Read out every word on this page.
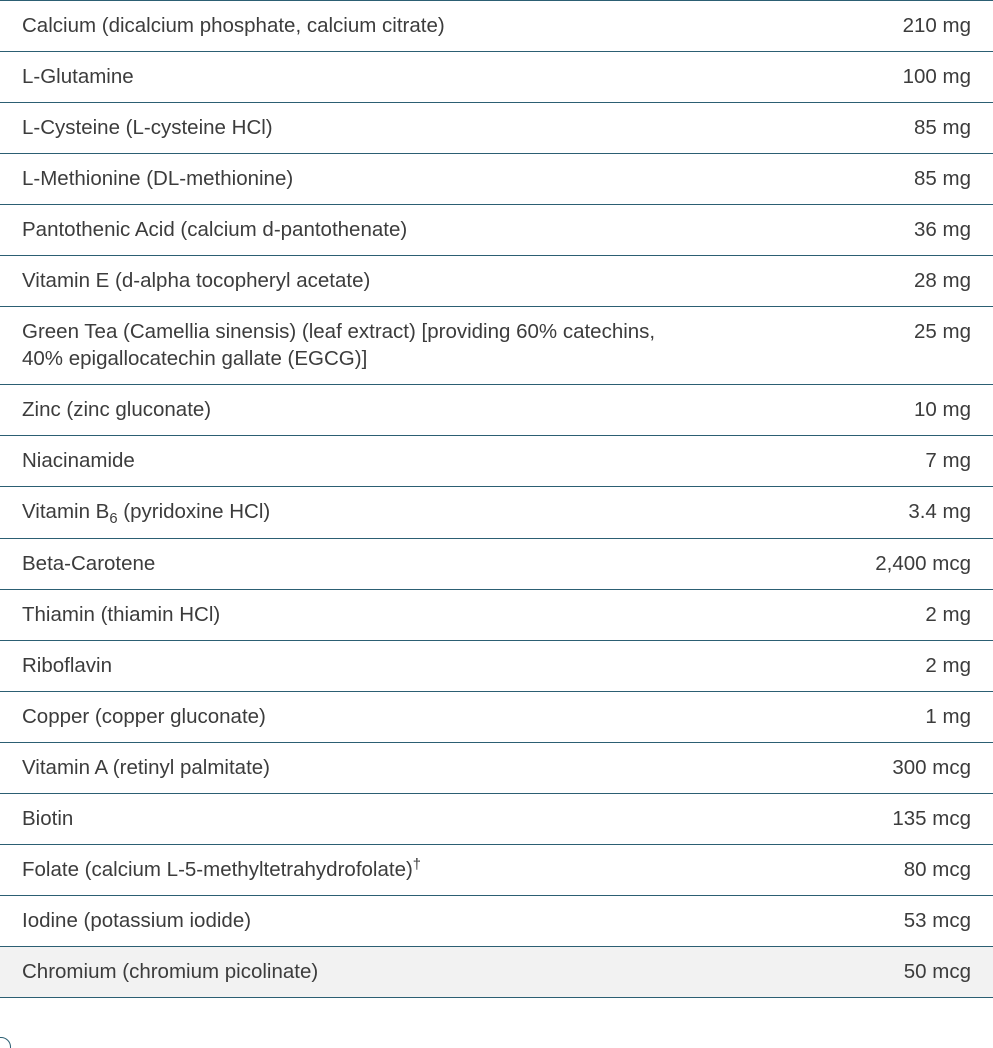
Calcium (dicalcium phosphate, calcium citrate)	210 mg
L-Glutamine	100 mg
L-Cysteine (L-cysteine HCl)	85 mg
L-Methionine (DL-methionine)	85 mg
Pantothenic Acid (calcium d-pantothenate)	36 mg
Vitamin E (d-alpha tocopheryl acetate)	28 mg
Green Tea (Camellia sinensis) (leaf extract) [providing 60% catechins, 40% epigallocatechin gallate (EGCG)]	25 mg
Zinc (zinc gluconate)	10 mg
Niacinamide	7 mg
Vitamin $B_6$ (pyridoxine HCl)	3.4 mg
Beta-Carotene	2,400 mcg
Thiamin (thiamin HCl)	2 mg
Riboflavin	2 mg
Copper (copper gluconate)	1 mg
Vitamin A (retinyl palmitate)	300 mcg
Biotin	135 mcg
Folate (calcium L-5-methyltetrahydrofolate)†	80 mcg
Iodine (potassium iodide)	53 mcg
Chromium (chromium picolinate)	50 mcg
